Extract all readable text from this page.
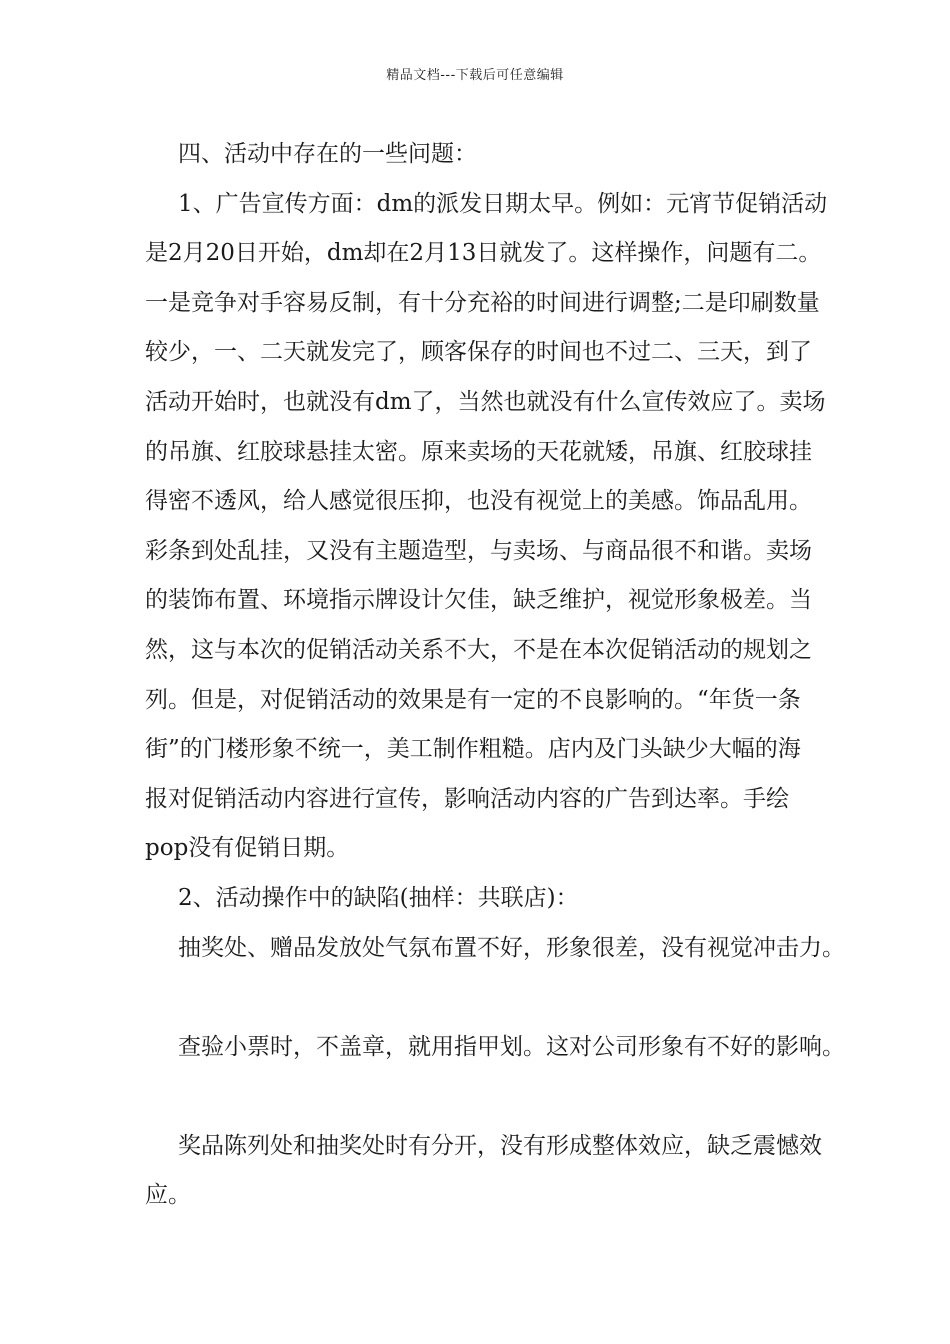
精品文档---下载后可任意编辑
四、活动中存在的一些问题：
1、广告宣传方面：dm的派发日期太早。例如：元宵节促销活动
是2月20日开始，dm却在2月13日就发了。这样操作，问题有二。
一是竞争对手容易反制，有十分充裕的时间进行调整;二是印刷数量
较少，一、二天就发完了，顾客保存的时间也不过二、三天，到了
活动开始时，也就没有dm了，当然也就没有什么宣传效应了。卖场
的吊旗、红胶球悬挂太密。原来卖场的天花就矮，吊旗、红胶球挂
得密不透风，给人感觉很压抑，也没有视觉上的美感。饰品乱用。
彩条到处乱挂，又没有主题造型，与卖场、与商品很不和谐。卖场
的装饰布置、环境指示牌设计欠佳，缺乏维护，视觉形象极差。当
然，这与本次的促销活动关系不大，不是在本次促销活动的规划之
列。但是，对促销活动的效果是有一定的不良影响的。“年货一条
街”的门楼形象不统一，美工制作粗糙。店内及门头缺少大幅的海
报对促销活动内容进行宣传，影响活动内容的广告到达率。手绘
pop没有促销日期。
2、活动操作中的缺陷(抽样：共联店)：
抽奖处、赠品发放处气氛布置不好，形象很差，没有视觉冲击力。
查验小票时，不盖章，就用指甲划。这对公司形象有不好的影响。
奖品陈列处和抽奖处时有分开，没有形成整体效应，缺乏震憾效
应。
